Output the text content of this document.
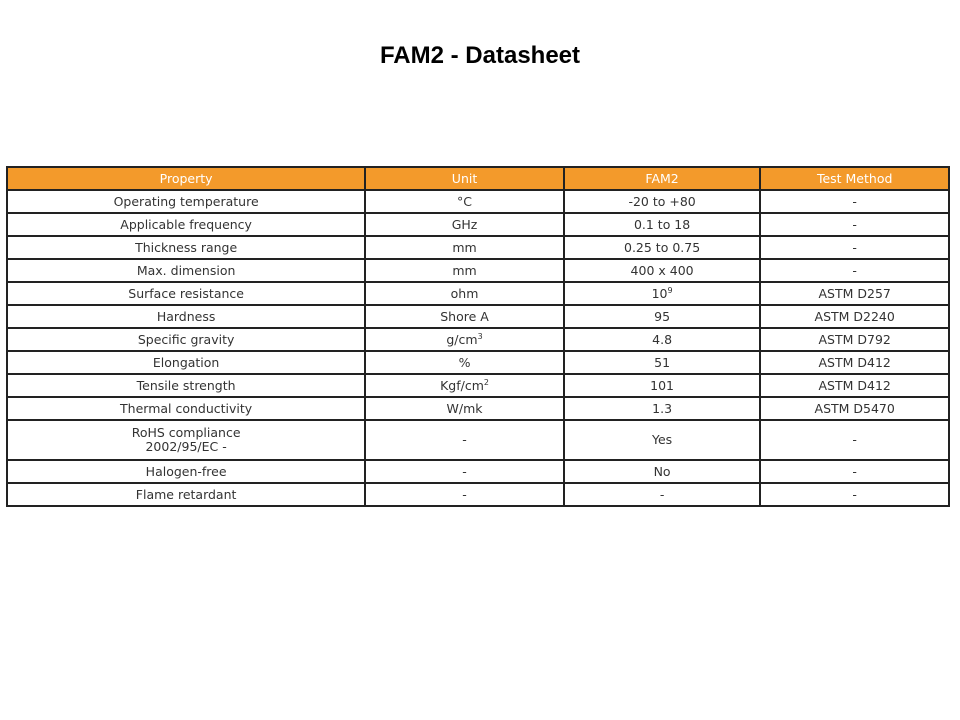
FAM2 - Datasheet
Property	Unit	FAM2	Test Method
Operating temperature	°C	-20 to +80	-
Applicable frequency	GHz	0.1 to 18	-
Thickness range	mm	0.25 to 0.75	-
Max. dimension	mm	400 x 400	-
Surface resistance	ohm	$10^9$	ASTM D257
Hardness	Shore A	95	ASTM D2240
Specific gravity	$g/cm^3$	4.8	ASTM D792
Elongation	%	51	ASTM D412
Tensile strength	Kgf/$cm^2$	101	ASTM D412
Thermal conductivity	W/mk	1.3	ASTM D5470
RoHS compliance
2002/95/EC -	-	Yes	-
Halogen-free	-	No	-
Flame retardant	-	-	-
